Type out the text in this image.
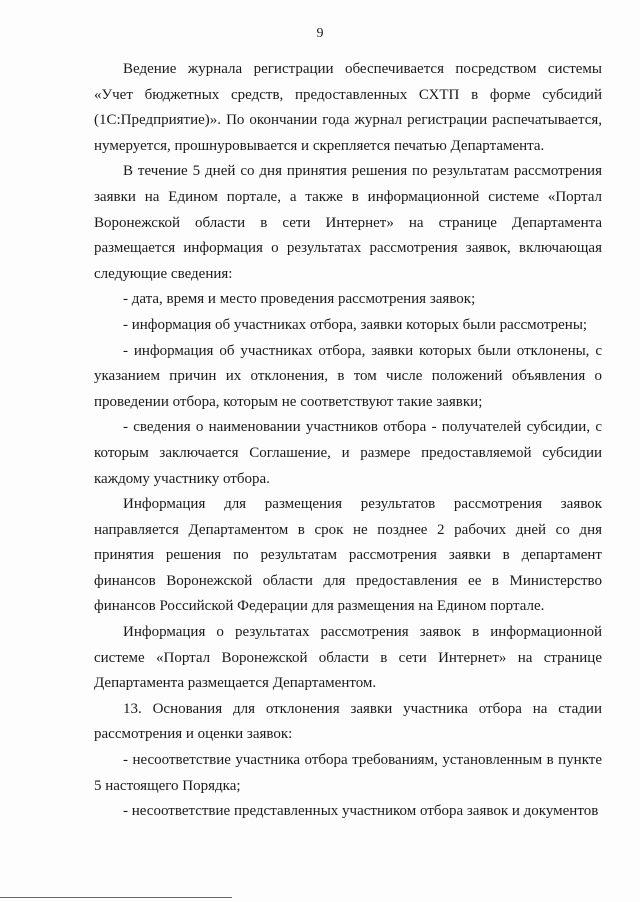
9

Ведение журнала регистрации обеспечивается посредством системы «Учет бюджетных средств, предоставленных СХТП в форме субсидий (1С:Предприятие)». По окончании года журнал регистрации распечатывается, нумеруется, прошнуровывается и скрепляется печатью Департамента.

В течение 5 дней со дня принятия решения по результатам рассмотрения заявки на Едином портале, а также в информационной системе «Портал Воронежской области в сети Интернет» на странице Департамента размещается информация о результатах рассмотрения заявок, включающая следующие сведения:

- дата, время и место проведения рассмотрения заявок;

- информация об участниках отбора, заявки которых были рассмотрены;

- информация об участниках отбора, заявки которых были отклонены, с указанием причин их отклонения, в том числе положений объявления о проведении отбора, которым не соответствуют такие заявки;

- сведения о наименовании участников отбора - получателей субсидии, с которым заключается Соглашение, и размере предоставляемой субсидии каждому участнику отбора.

Информация для размещения результатов рассмотрения заявок направляется Департаментом в срок не позднее 2 рабочих дней со дня принятия решения по результатам рассмотрения заявки в департамент финансов Воронежской области для предоставления ее в Министерство финансов Российской Федерации для размещения на Едином портале.

Информация о результатах рассмотрения заявок в информационной системе «Портал Воронежской области в сети Интернет» на странице Департамента размещается Департаментом.

13. Основания для отклонения заявки участника отбора на стадии рассмотрения и оценки заявок:

- несоответствие участника отбора требованиям, установленным в пункте 5 настоящего Порядка;

- несоответствие представленных участником отбора заявок и документов
